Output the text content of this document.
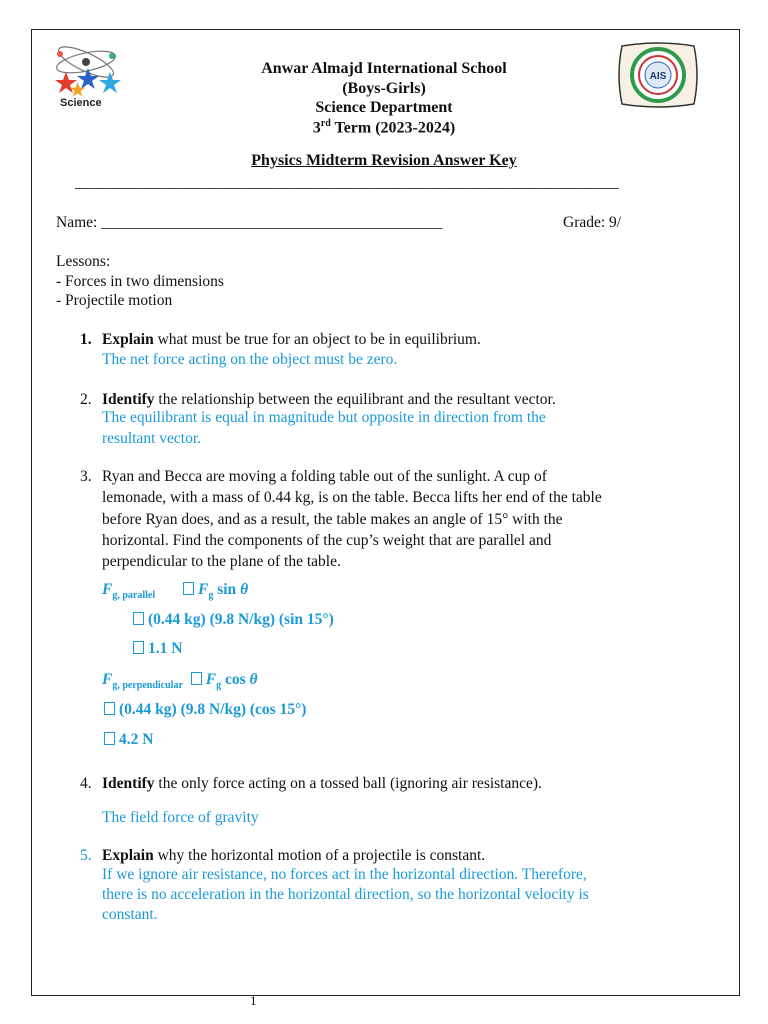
Science
AIS
Anwar Almajd International School
(Boys-Girls)
Science Department
3rd Term (2023-2024)
Physics Midterm Revision Answer Key
________________________________________________________________________
Name: ____________________________________________	Grade: 9/
Lessons:
- Forces in two dimensions
- Projectile motion
1. Explain what must be true for an object to be in equilibrium.
The net force acting on the object must be zero.
2. Identify the relationship between the equilibrant and the resultant vector.
The equilibrant is equal in magnitude but opposite in direction from the
resultant vector.
3. Ryan and Becca are moving a folding table out of the sunlight. A cup of
lemonade, with a mass of 0.44 kg, is on the table. Becca lifts her end of the table
before Ryan does, and as a result, the table makes an angle of 15° with the
horizontal. Find the components of the cup’s weight that are parallel and
perpendicular to the plane of the table.
$F_{g, parallel}$	$F_g$ sin θ
(0.44 kg) (9.8 N/kg) (sin 15°)
1.1 N
$F_{g, perpendicular}$ $F_g$ cos θ
(0.44 kg) (9.8 N/kg) (cos 15°)
4.2 N
4. Identify the only force acting on a tossed ball (ignoring air resistance).
The field force of gravity
5. Explain why the horizontal motion of a projectile is constant.
If we ignore air resistance, no forces act in the horizontal direction. Therefore,
there is no acceleration in the horizontal direction, so the horizontal velocity is
constant.
1
